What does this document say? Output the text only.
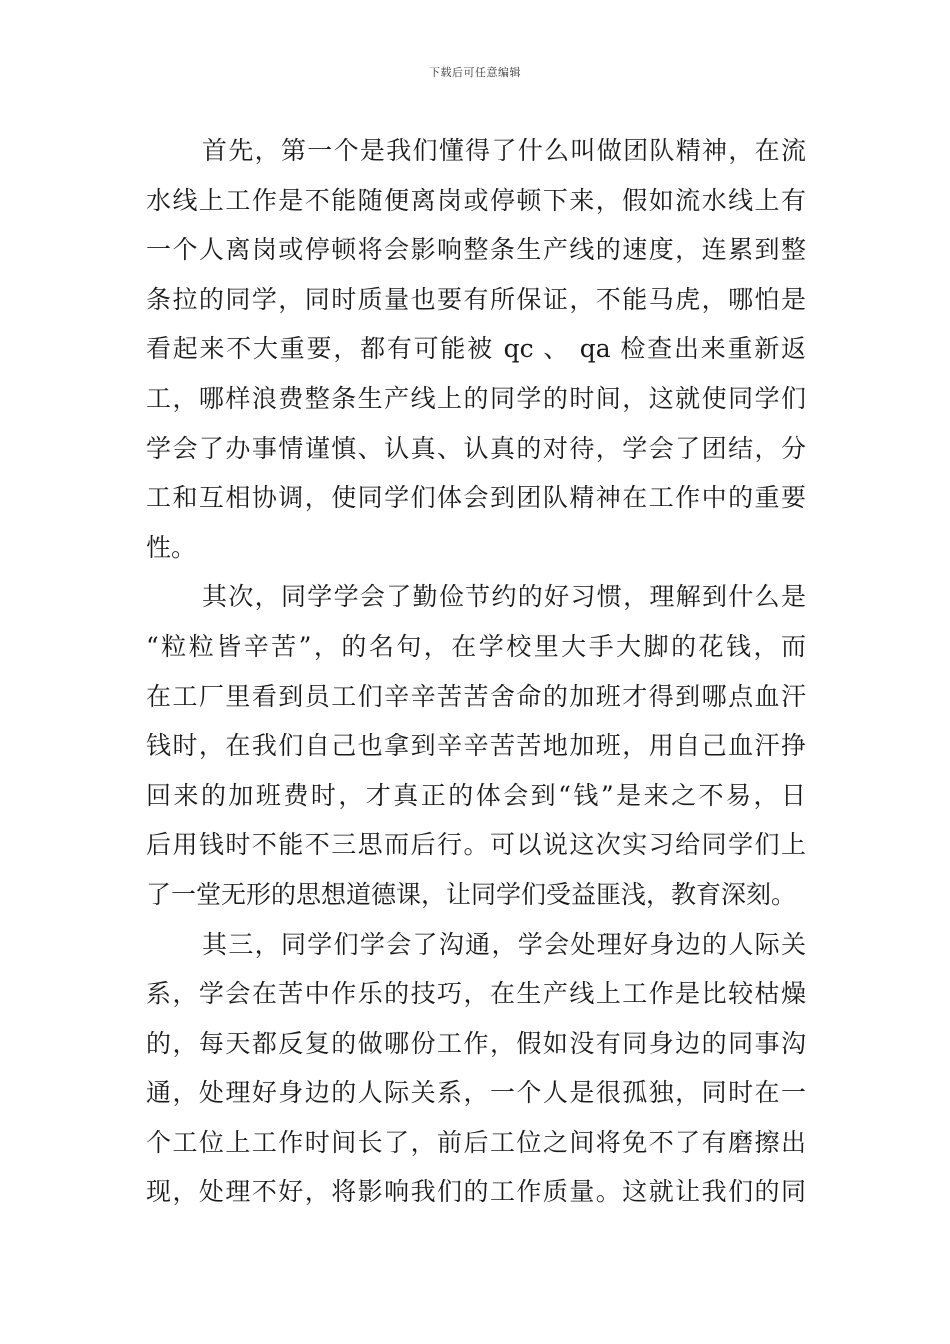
下载后可任意编辑
首先，第一个是我们懂得了什么叫做团队精神，在流
水线上工作是不能随便离岗或停顿下来，假如流水线上有
一个人离岗或停顿将会影响整条生产线的速度，连累到整
条拉的同学，同时质量也要有所保证，不能马虎，哪怕是
看起来不大重要，都有可能被 qc 、 qa 检查出来重新返
工，哪样浪费整条生产线上的同学的时间，这就使同学们
学会了办事情谨慎、认真、认真的对待，学会了团结，分
工和互相协调，使同学们体会到团队精神在工作中的重要
性。
其次，同学学会了勤俭节约的好习惯，理解到什么是
“粒粒皆辛苦”，的名句，在学校里大手大脚的花钱，而
在工厂里看到员工们辛辛苦苦舍命的加班才得到哪点血汗
钱时，在我们自己也拿到辛辛苦苦地加班，用自己血汗挣
回来的加班费时，才真正的体会到“钱”是来之不易，日
后用钱时不能不三思而后行。可以说这次实习给同学们上
了一堂无形的思想道德课，让同学们受益匪浅，教育深刻。
其三，同学们学会了沟通，学会处理好身边的人际关
系，学会在苦中作乐的技巧，在生产线上工作是比较枯燥
的，每天都反复的做哪份工作，假如没有同身边的同事沟
通，处理好身边的人际关系，一个人是很孤独，同时在一
个工位上工作时间长了，前后工位之间将免不了有磨擦出
现，处理不好，将影响我们的工作质量。这就让我们的同
